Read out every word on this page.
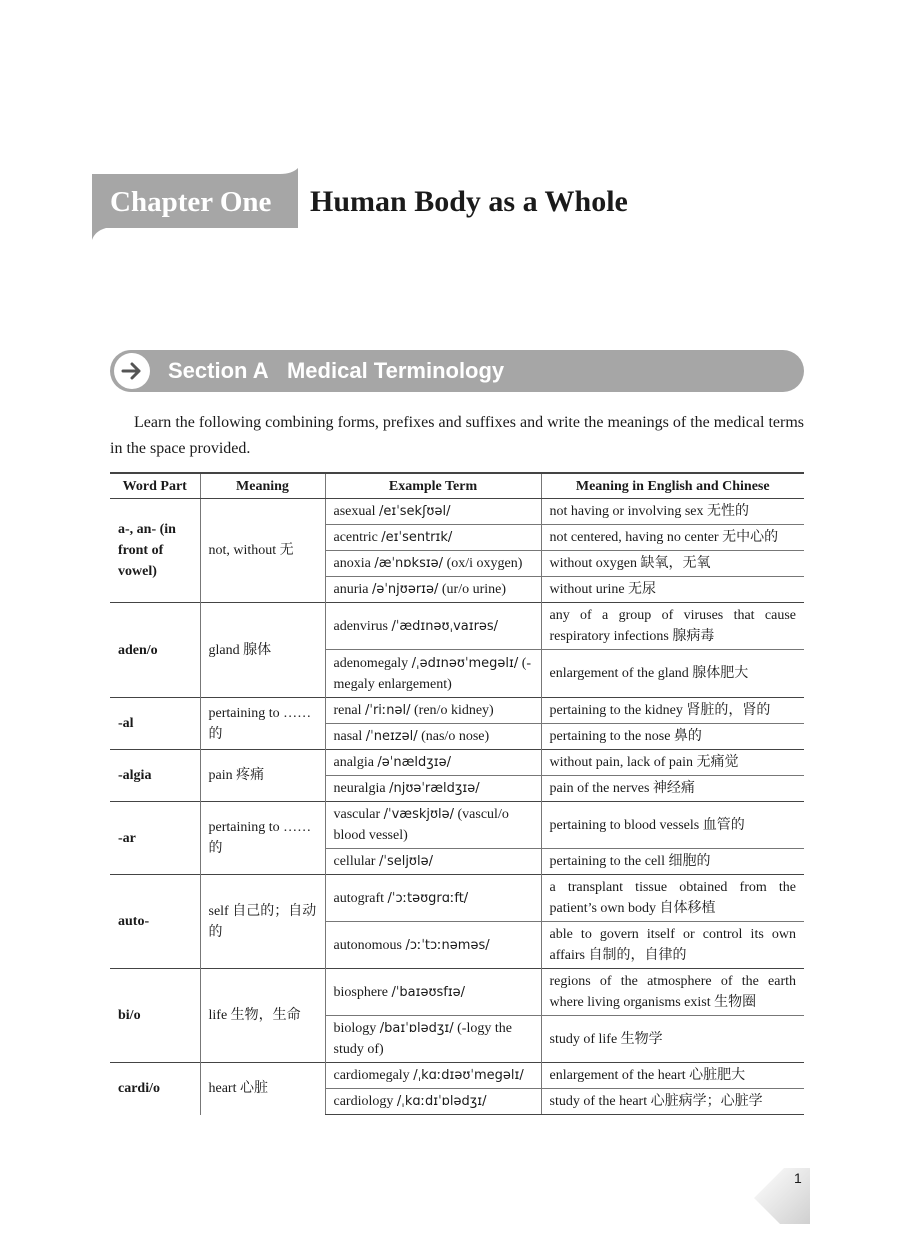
Chapter One Human Body as a Whole
Section A   Medical Terminology

Learn the following combining forms, prefixes and suffixes and write the meanings of the medical terms in the space provided.

Word Part	Meaning	Example Term	Meaning in English and Chinese
a-, an- (in front of vowel)	not, without 无	asexual /eɪˈsekʃʊəl/	not having or involving sex 无性的
		acentric /eɪˈsentrɪk/	not centered, having no center 无中心的
		anoxia /æˈnɒksɪə/ (ox/i oxygen)	without oxygen 缺氧，无氧
		anuria /əˈnjʊərɪə/ (ur/o urine)	without urine 无尿
aden/o	gland 腺体	adenvirus /ˈædɪnəʊˌvaɪrəs/	any of a group of viruses that cause respiratory infections 腺病毒
		adenomegaly /ˌədɪnəʊˈmegəlɪ/ (-megaly enlargement)	enlargement of the gland 腺体肥大
-al	pertaining to ……的	renal /ˈriːnəl/ (ren/o kidney)	pertaining to the kidney 肾脏的，肾的
		nasal /ˈneɪzəl/ (nas/o nose)	pertaining to the nose 鼻的
-algia	pain 疼痛	analgia /əˈnældʒɪə/	without pain, lack of pain 无痛觉
		neuralgia /njʊəˈrældʒɪə/	pain of the nerves 神经痛
-ar	pertaining to ……的	vascular /ˈvæskjʊlə/ (vascul/o blood vessel)	pertaining to blood vessels 血管的
		cellular /ˈseljʊlə/	pertaining to the cell 细胞的
auto-	self 自己的；自动的	autograft /ˈɔːtəʊgrɑːft/	a transplant tissue obtained from the patient’s own body 自体移植
		autonomous /ɔːˈtɔːnəməs/	able to govern itself or control its own affairs 自制的，自律的
bi/o	life 生物，生命	biosphere /ˈbaɪəʊsfɪə/	regions of the atmosphere of the earth where living organisms exist 生物圈
		biology /baɪˈɒlədʒɪ/ (-logy the study of)	study of life 生物学
cardi/o	heart 心脏	cardiomegaly /ˌkɑːdɪəʊˈmegəlɪ/	enlargement of the heart 心脏肥大
		cardiology /ˌkɑːdɪˈɒlədʒɪ/	study of the heart 心脏病学；心脏学
1
